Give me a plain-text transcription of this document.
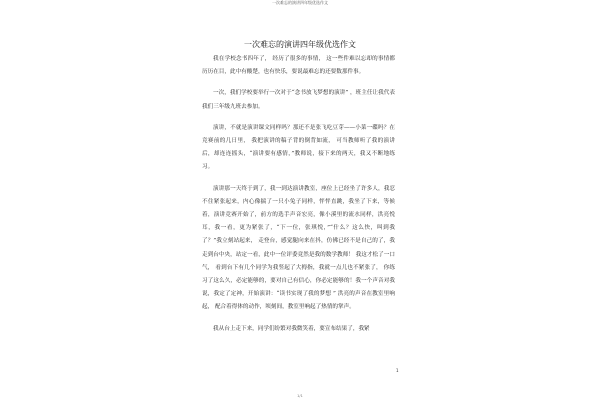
一次难忘的演讲四年级优选作文
一次难忘的演讲四年级优选作文

我在学校念书四年了， 经历了很多的事情， 这一些件难以忘却的事情都历历在目，此中有酸楚，也有快乐，要说最难忘的还要数那件事。

一次，我们学校要举行一次对于“念书放飞梦想的演讲” ，班主任让我代表我们三年级九班去参加。

演讲，不就是演讲课文同样吗？那还不是张飞吃豆芽——小菜一碟吗？在竞赛前的几日里， 我把演讲的稿子背的倒背如流， 可当教师听了我的演讲后，却连连摇头，“演讲要有感情，”教师说，接下来的两天，我又不断地练习。

演讲那一天终于到了，我一到达演讲教室，座位上已经坐了许多人，我忍不住紧张起来，内心像揣了一只小兔子同样，怦怦直跳，我坐了下来，等候着，演讲竞赛开始了，前方的选手声音宏亮，像小溪里的流水同样，洪亮悦耳，我一看，更为紧张了，“下一位，张琪悦，”“什么？这么快，叫到我了？”我立刻站起来， 走登台，感觉腿向来在抖，仿佛已经不是自己的了，我走到台中央，站定一看，此中一位评委竟然是我的数学教师！ 我这才松了一口气， 看到台下有几个同学为我竖起了大拇指，我就一点儿也不紧张了， 你练习了这么久，必定能够的，要对自己有信心，你必定能够的！我一个声音对我说，我定了定神，开始演讲：“读书实现了我的梦想 ” 洪亮的声音在教室里响起， 配合着得体的动作，顷刻间，教室里响起了热情的掌声。

我从台上走下来，同学们纷繁对我微笑着，要宣布结果了，我紧

1
1/1
